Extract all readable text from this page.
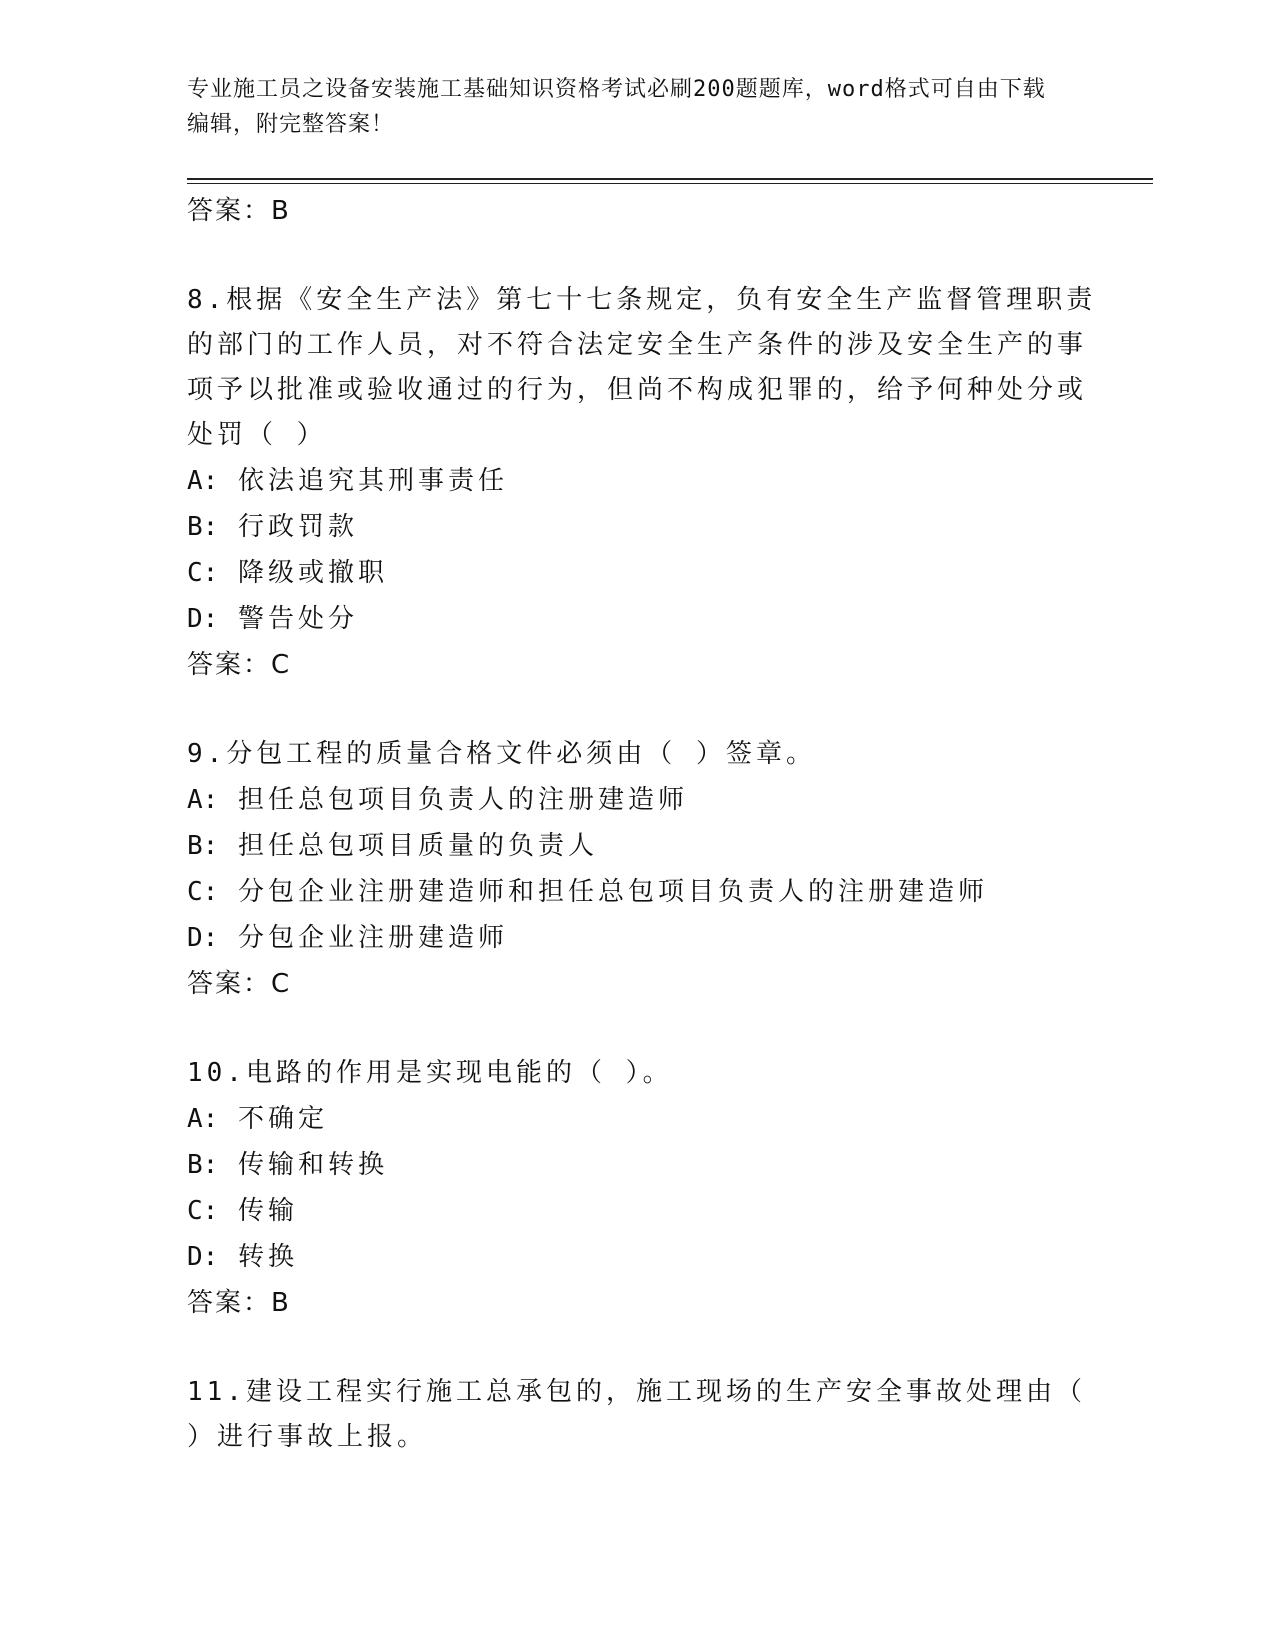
专业施工员之设备安装施工基础知识资格考试必刷200题题库，word格式可自由下载编辑，附完整答案！
答案：B
8.根据《安全生产法》第七十七条规定，负有安全生产监督管理职责的部门的工作人员，对不符合法定安全生产条件的涉及安全生产的事项予以批准或验收通过的行为，但尚不构成犯罪的，给予何种处分或处罚（ ）
A: 依法追究其刑事责任
B: 行政罚款
C: 降级或撤职
D: 警告处分
答案：C
9.分包工程的质量合格文件必须由（ ）签章。
A: 担任总包项目负责人的注册建造师
B: 担任总包项目质量的负责人
C: 分包企业注册建造师和担任总包项目负责人的注册建造师
D: 分包企业注册建造师
答案：C
10.电路的作用是实现电能的（ ）。
A: 不确定
B: 传输和转换
C: 传输
D: 转换
答案：B
11.建设工程实行施工总承包的，施工现场的生产安全事故处理由（ ）进行事故上报。
